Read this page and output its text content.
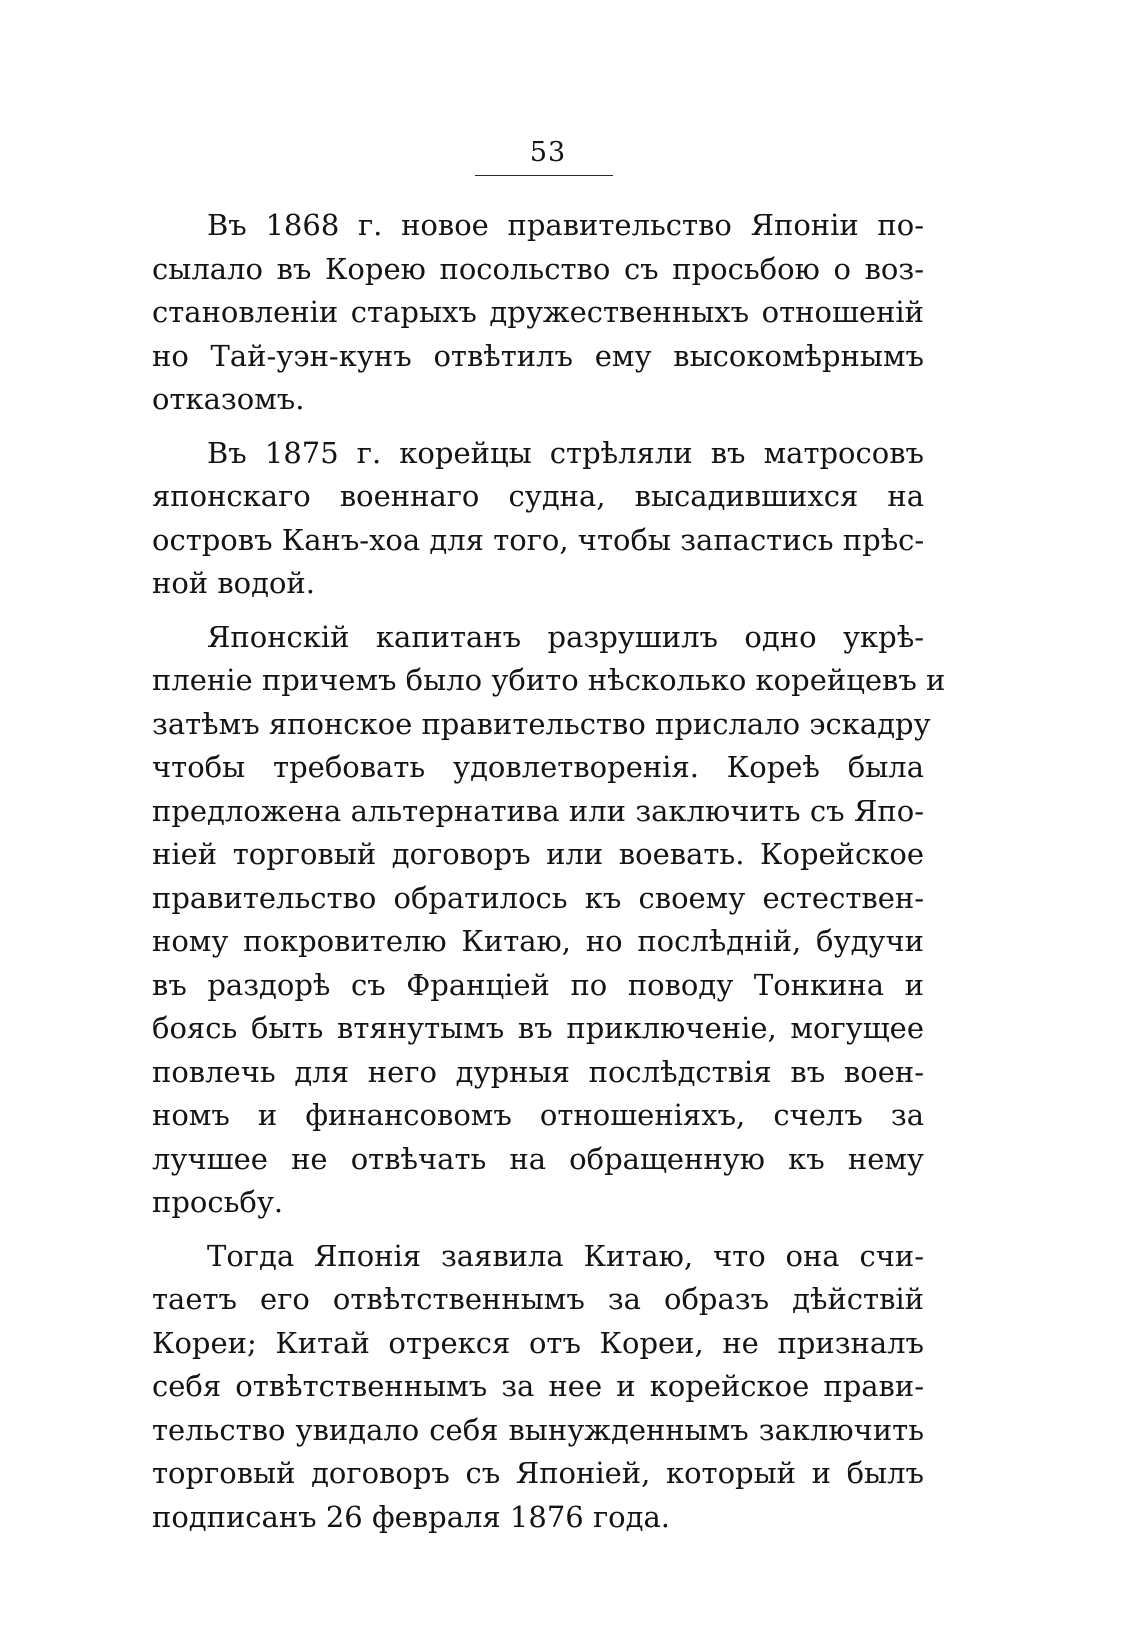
53
Въ 1868 г. новое правительство Японіи по-
сылало въ Корею посольство съ просьбою о воз-
становленіи старыхъ дружественныхъ отношеній
но Тай-уэн-кунъ отвѣтилъ ему высокомѣрнымъ
отказомъ.
Въ 1875 г. корейцы стрѣляли въ матросовъ
японскаго военнаго судна, высадившихся на
островъ Канъ-хоа для того, чтобы запастись прѣс-
ной водой.
Японскій капитанъ разрушилъ одно укрѣ-
пленіе причемъ было убито нѣсколько корейцевъ и
затѣмъ японское правительство прислало эскадру
чтобы требовать удовлетворенія. Кореѣ была
предложена альтернатива или заключить съ Япо-
ніей торговый договоръ или воевать. Корейское
правительство обратилось къ своему естествен-
ному покровителю Китаю, но послѣдній, будучи
въ раздорѣ съ Франціей по поводу Тонкина и
боясь быть втянутымъ въ приключеніе, могущее
повлечь для него дурныя послѣдствія въ воен-
номъ и финансовомъ отношеніяхъ, счелъ за
лучшее не отвѣчать на обращенную къ нему
просьбу.
Тогда Японія заявила Китаю, что она счи-
таетъ его отвѣтственнымъ за образъ дѣйствій
Кореи; Китай отрекся отъ Кореи, не призналъ
себя отвѣтственнымъ за нее и корейское прави-
тельство увидало себя вынужденнымъ заключить
торговый договоръ съ Японіей, который и былъ
подписанъ 26 февраля 1876 года.
